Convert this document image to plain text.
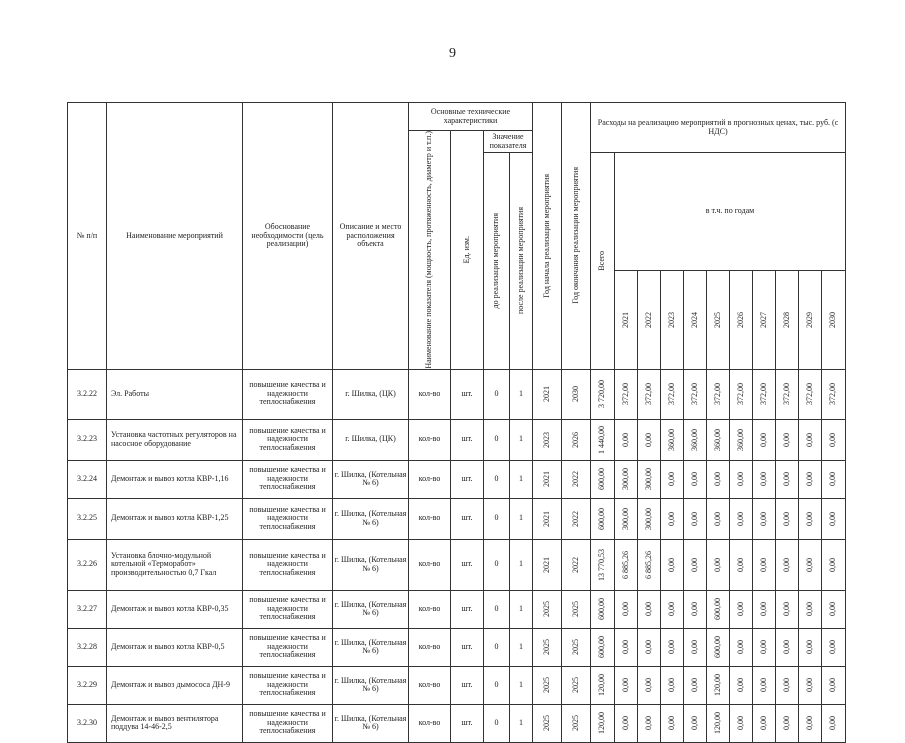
9
№ п/п	Наименование мероприятий	Обоснование необходимости (цель реализации)	Описание и место расположения объекта	Основные технические характеристики				Год начала реализации мероприятия	Год окончания реализации мероприятия	Расходы на реализацию мероприятий в прогнозных ценах, тыс. руб. (с НДС)										

				Наименование показателя (мощность, протяженность, диаметр и т.п.)	Ед. изм.	Значение показателя														

						до реализации мероприятия	после реализации мероприятия			Всего	в т.ч. по годам									

											2021	2022	2023	2024	2025	2026	2027	2028	2029	2030

3.2.22	Эл. Работы	повышение качества и надежности теплоснабжения	г. Шилка, (ЦК)	кол-во	шт.	0	1	2021	2030	3 720,00	372,00	372,00	372,00	372,00	372,00	372,00	372,00	372,00	372,00	372,00

3.2.23	Установка частотных регуляторов на насосное оборудование	повышение качества и надежности теплоснабжения	г. Шилка, (ЦК)	кол-во	шт.	0	1	2023	2026	1 440,00	0,00	0,00	360,00	360,00	360,00	360,00	0,00	0,00	0,00	0,00

3.2.24	Демонтаж и вывоз котла КВР-1,16	повышение качества и надежности теплоснабжения	г. Шилка, (Котельная № 6)	кол-во	шт.	0	1	2021	2022	600,00	300,00	300,00	0,00	0,00	0,00	0,00	0,00	0,00	0,00	0,00

3.2.25	Демонтаж и вывоз котла КВР-1,25	повышение качества и надежности теплоснабжения	г. Шилка, (Котельная № 6)	кол-во	шт.	0	1	2021	2022	600,00	300,00	300,00	0,00	0,00	0,00	0,00	0,00	0,00	0,00	0,00

3.2.26	Установка блочно-модульной котельной «Терморабот» производительностью 0,7 Гкал	повышение качества и надежности теплоснабжения	г. Шилка, (Котельная № 6)	кол-во	шт.	0	1	2021	2022	13 770,53	6 885,26	6 885,26	0,00	0,00	0,00	0,00	0,00	0,00	0,00	0,00

3.2.27	Демонтаж и вывоз котла КВР-0,35	повышение качества и надежности теплоснабжения	г. Шилка, (Котельная № 6)	кол-во	шт.	0	1	2025	2025	600,00	0,00	0,00	0,00	0,00	600,00	0,00	0,00	0,00	0,00	0,00

3.2.28	Демонтаж и вывоз котла КВР-0,5	повышение качества и надежности теплоснабжения	г. Шилка, (Котельная № 6)	кол-во	шт.	0	1	2025	2025	600,00	0,00	0,00	0,00	0,00	600,00	0,00	0,00	0,00	0,00	0,00

3.2.29	Демонтаж и вывоз дымососа ДН-9	повышение качества и надежности теплоснабжения	г. Шилка, (Котельная № 6)	кол-во	шт.	0	1	2025	2025	120,00	0,00	0,00	0,00	0,00	120,00	0,00	0,00	0,00	0,00	0,00

3.2.30	Демонтаж и вывоз вентилятора поддува 14-46-2,5	повышение качества и надежности теплоснабжения	г. Шилка, (Котельная № 6)	кол-во	шт.	0	1	2025	2025	120,00	0,00	0,00	0,00	0,00	120,00	0,00	0,00	0,00	0,00	0,00
